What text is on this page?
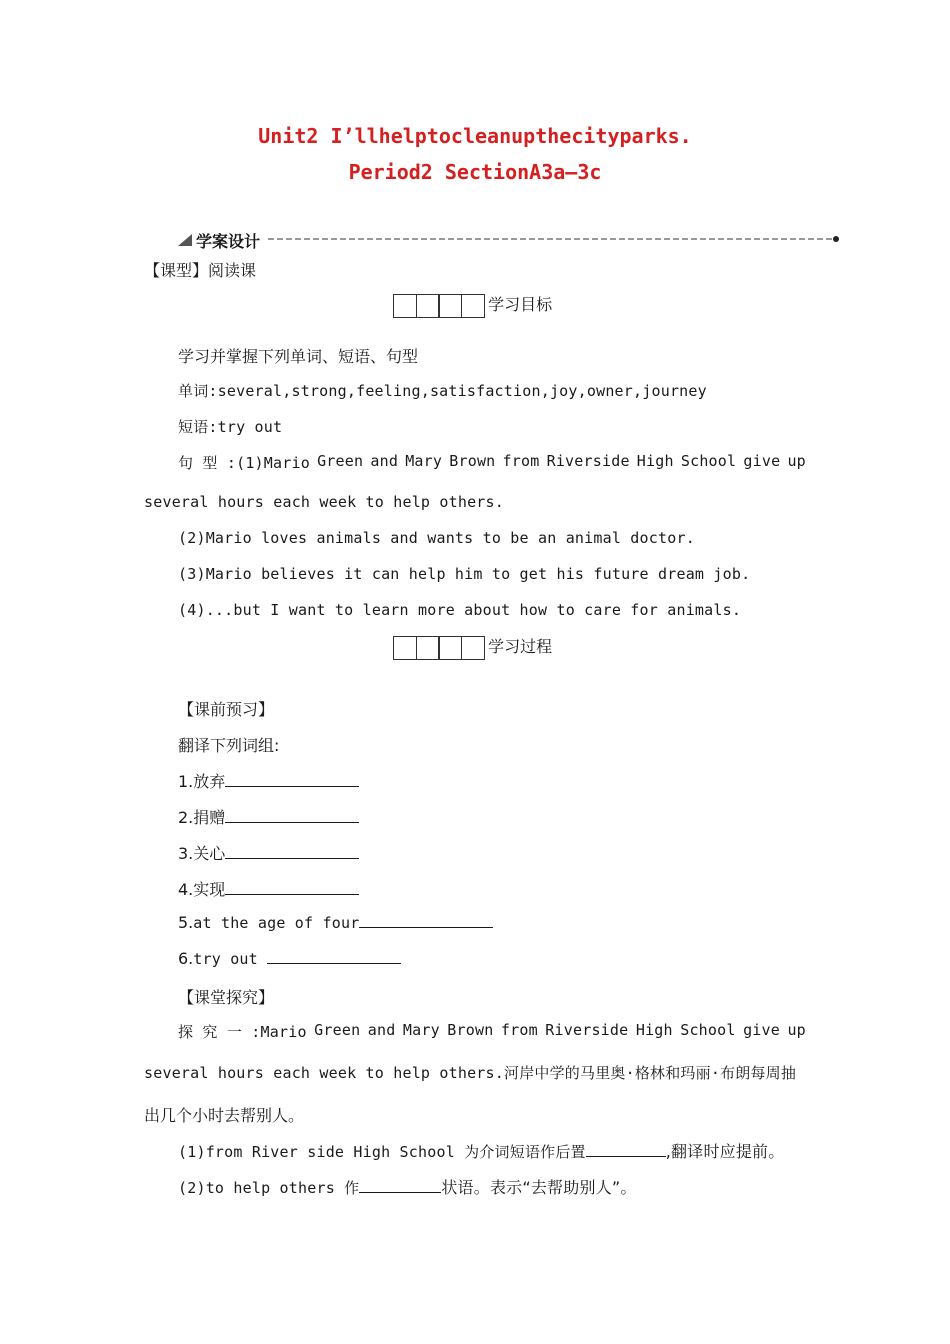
Unit2 I’llhelptocleanupthecityparks.
Period2 SectionA3a—3c
学案设计
【课型】阅读课
学习目标
学习并掌握下列单词、短语、句型
单词:several,strong,feeling,satisfaction,joy,owner,journey
短语:try out
句 型 :(1)Mario Green and Mary Brown from Riverside High School give up
several hours each week to help others.
(2)Mario loves animals and wants to be an animal doctor.
(3)Mario believes it can help him to get his future dream job.
(4)...but I want to learn more about how to care for animals.
学习过程
【课前预习】
翻译下列词组:
1.放弃
2.捐赠
3.关心
4.实现
5.at the age of four
6.try out
【课堂探究】
探 究 一 :Mario Green and Mary Brown from Riverside High School give up
several hours each week to help others.河岸中学的马里奥·格林和玛丽·布朗每周抽
出几个小时去帮别人。
(1)from River side High School 为介词短语作后置	,翻译时应提前。
(2)to help others 作	状语。表示“去帮助别人”。
